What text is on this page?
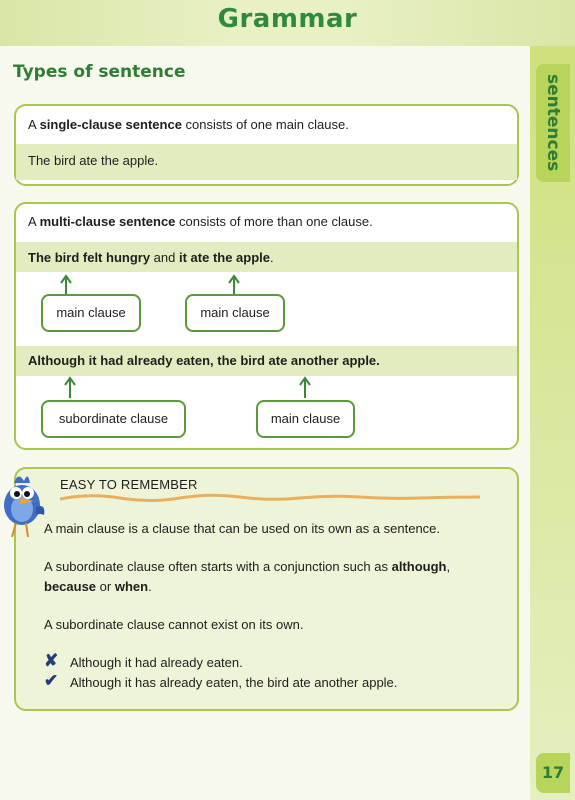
Grammar
sentences
17
Types of sentence
A single-clause sentence consists of one main clause.
The bird ate the apple.
A multi-clause sentence consists of more than one clause.
The bird felt hungry and it ate the apple.
main clause	main clause
Although it had already eaten, the bird ate another apple.
subordinate clause	main clause
EASY TO REMEMBER
A main clause is a clause that can be used on its own as a sentence.
A subordinate clause often starts with a conjunction such as although,
because or when.
A subordinate clause cannot exist on its own.
✘ Although it had already eaten.
✔ Although it has already eaten, the bird ate another apple.
